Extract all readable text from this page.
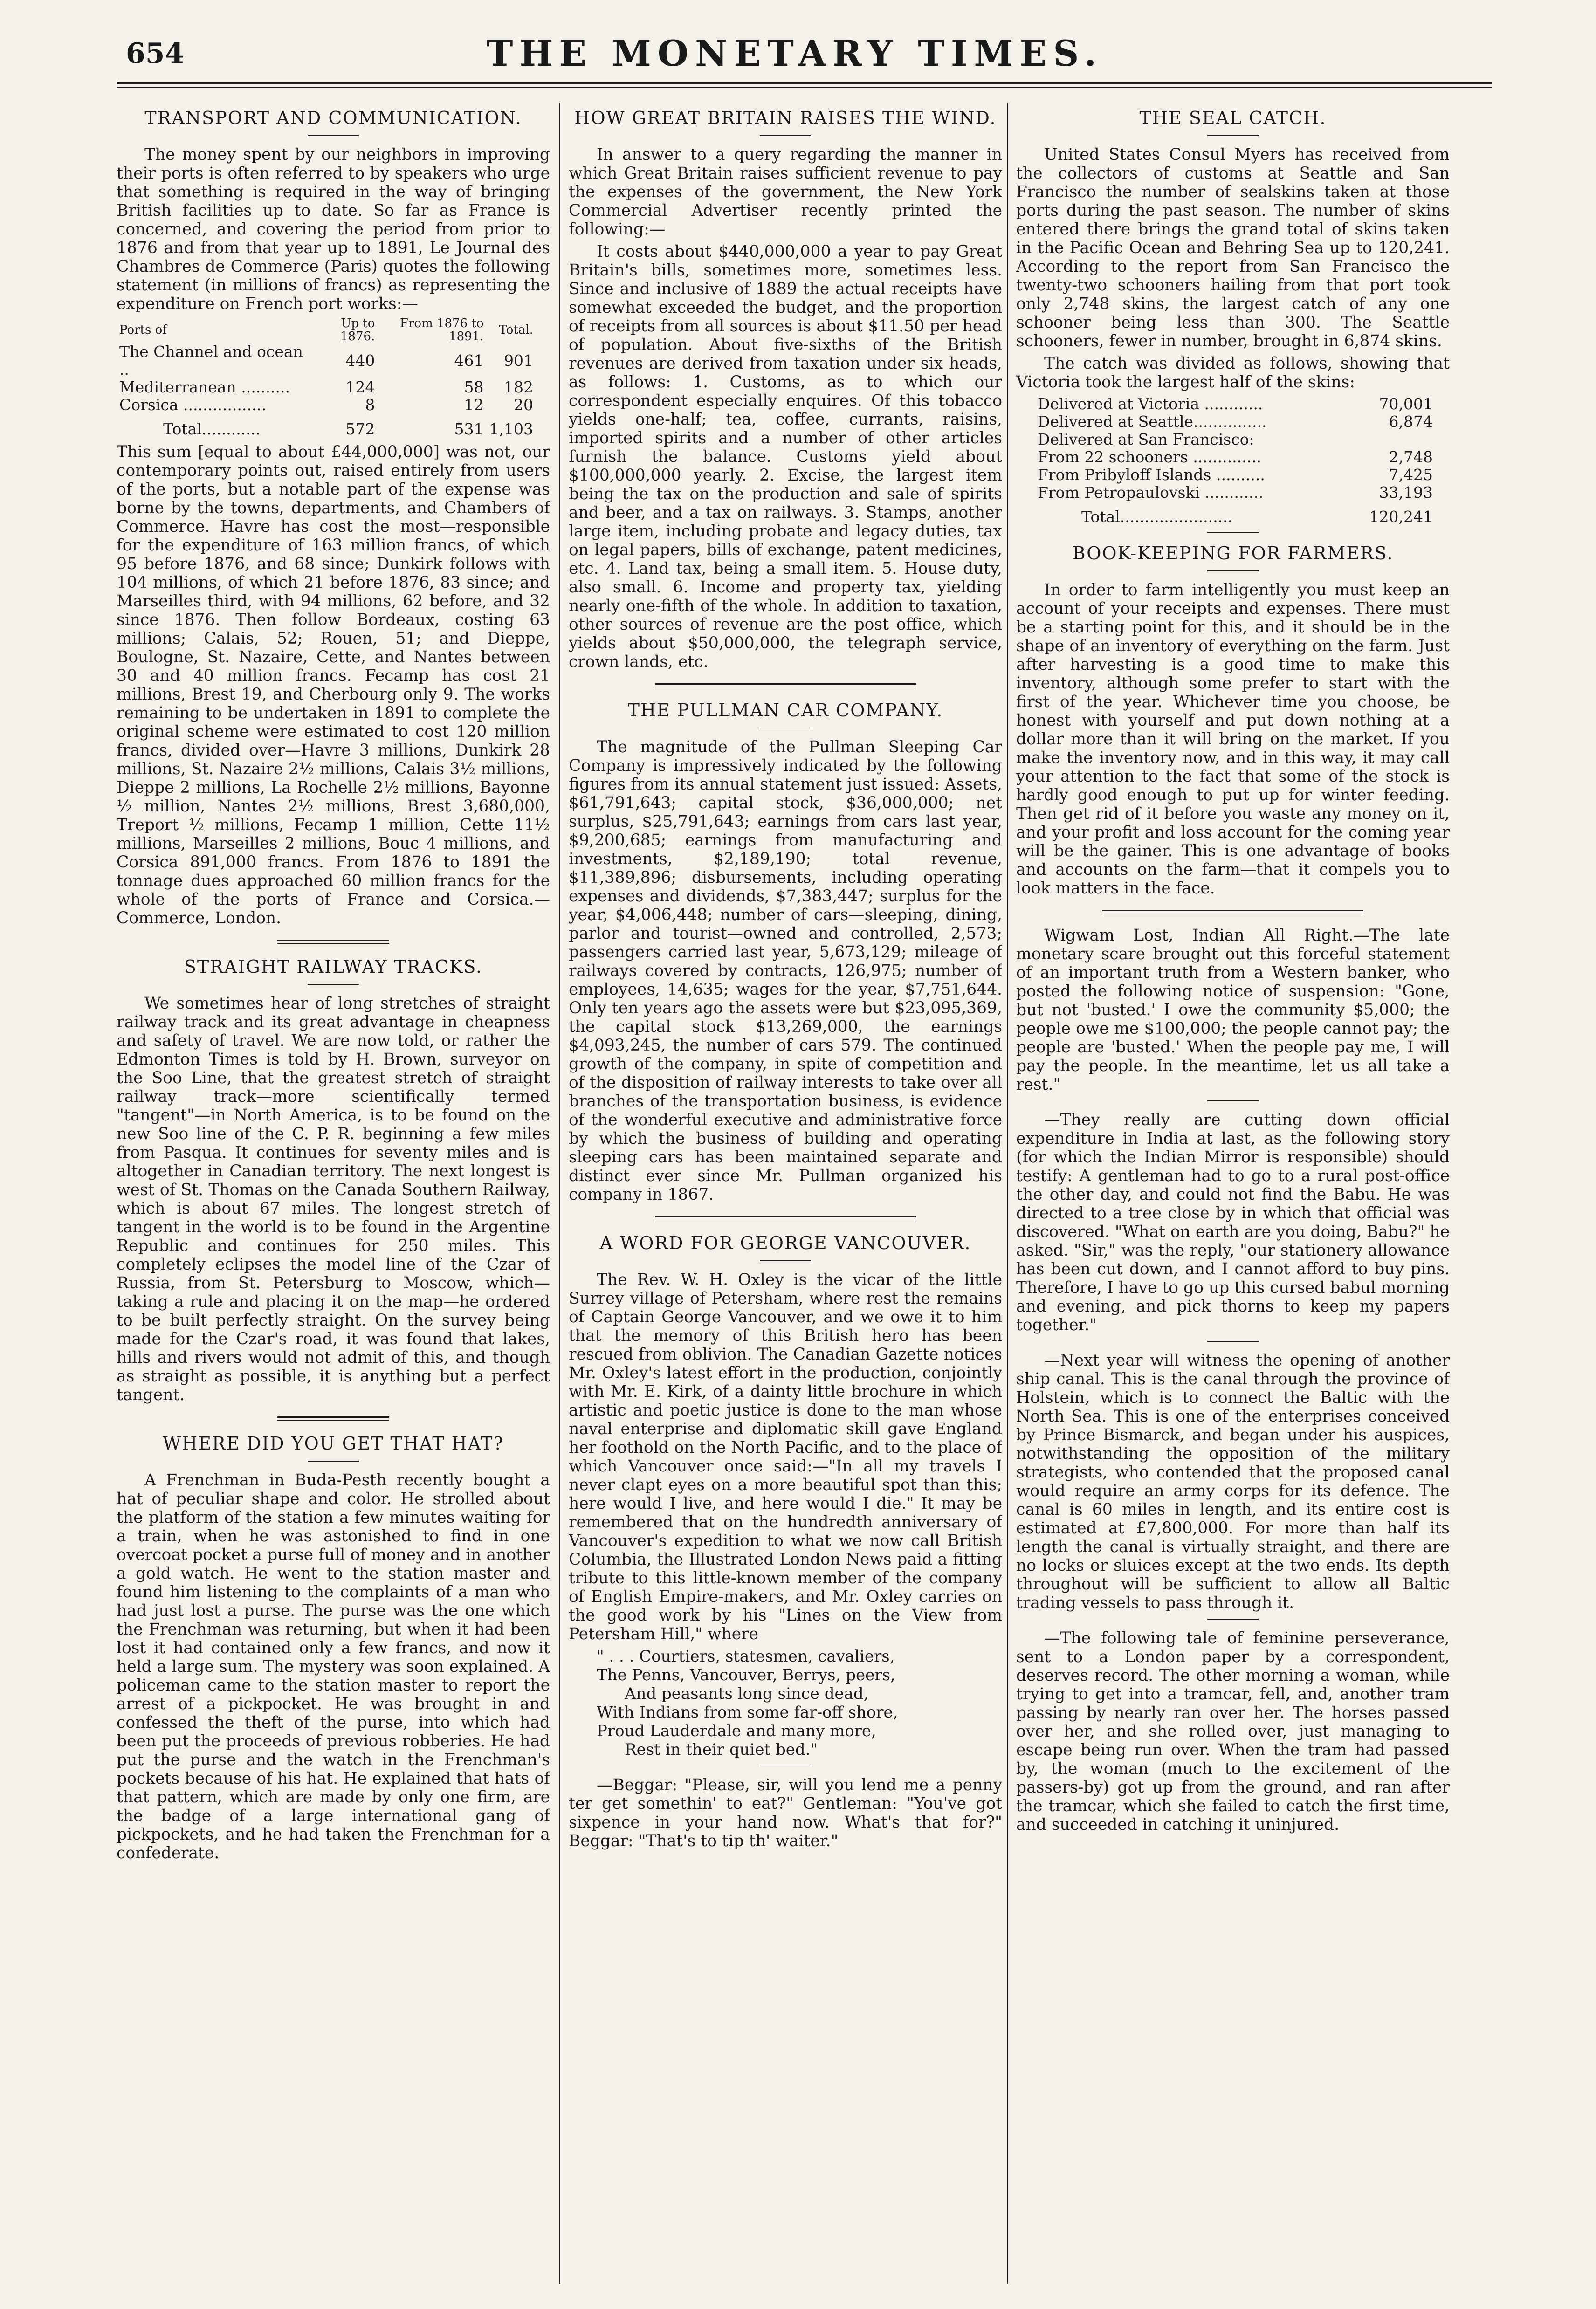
654	THE MONETARY TIMES.
TRANSPORT AND COMMUNICATION.

The money spent by our neighbors in improving their ports is often referred to by speakers who urge that something is required in the way of bringing British facilities up to date. So far as France is concerned, and covering the period from prior to 1876 and from that year up to 1891, Le Journal des Chambres de Commerce (Paris) quotes the following statement (in millions of francs) as representing the expenditure on French port works:—

Ports of	Up to 1876.	From 1876 to 1891.	Total.
The Channel and ocean ..	440	461	901
Mediterranean ..........	124	58	182
Corsica .................	8	12	20
Total............	572	531	1,103

This sum [equal to about £44,000,000] was not, our contemporary points out, raised entirely from users of the ports, but a notable part of the expense was borne by the towns, departments, and Chambers of Commerce. Havre has cost the most—responsible for the expenditure of 163 million francs, of which 95 before 1876, and 68 since; Dunkirk follows with 104 millions, of which 21 before 1876, 83 since; and Marseilles third, with 94 millions, 62 before, and 32 since 1876. Then follow Bordeaux, costing 63 millions; Calais, 52; Rouen, 51; and Dieppe, Boulogne, St. Nazaire, Cette, and Nantes between 30 and 40 million francs. Fecamp has cost 21 millions, Brest 19, and Cherbourg only 9. The works remaining to be undertaken in 1891 to complete the original scheme were estimated to cost 120 million francs, divided over—Havre 3 millions, Dunkirk 28 millions, St. Nazaire 2½ millions, Calais 3½ millions, Dieppe 2 millions, La Rochelle 2½ millions, Bayonne ½ million, Nantes 2½ millions, Brest 3,680,000, Treport ½ millions, Fecamp 1 million, Cette 11½ millions, Marseilles 2 millions, Bouc 4 millions, and Corsica 891,000 francs. From 1876 to 1891 the tonnage dues approached 60 million francs for the whole of the ports of France and Corsica.—Commerce, London.

STRAIGHT RAILWAY TRACKS.

We sometimes hear of long stretches of straight railway track and its great advantage in cheapness and safety of travel. We are now told, or rather the Edmonton Times is told by H. Brown, surveyor on the Soo Line, that the greatest stretch of straight railway track—more scientifically termed "tangent"—in North America, is to be found on the new Soo line of the C. P. R. beginning a few miles from Pasqua. It continues for seventy miles and is altogether in Canadian territory. The next longest is west of St. Thomas on the Canada Southern Railway, which is about 67 miles. The longest stretch of tangent in the world is to be found in the Argentine Republic and continues for 250 miles. This completely eclipses the model line of the Czar of Russia, from St. Petersburg to Moscow, which—taking a rule and placing it on the map—he ordered to be built perfectly straight. On the survey being made for the Czar's road, it was found that lakes, hills and rivers would not admit of this, and though as straight as possible, it is anything but a perfect tangent.

WHERE DID YOU GET THAT HAT?

A Frenchman in Buda-Pesth recently bought a hat of peculiar shape and color. He strolled about the platform of the station a few minutes waiting for a train, when he was astonished to find in one overcoat pocket a purse full of money and in another a gold watch. He went to the station master and found him listening to the complaints of a man who had just lost a purse. The purse was the one which the Frenchman was returning, but when it had been lost it had contained only a few francs, and now it held a large sum. The mystery was soon explained. A policeman came to the station master to report the arrest of a pickpocket. He was brought in and confessed the theft of the purse, into which had been put the proceeds of previous robberies. He had put the purse and the watch in the Frenchman's pockets because of his hat. He explained that hats of that pattern, which are made by only one firm, are the badge of a large international gang of pickpockets, and he had taken the Frenchman for a confederate.

HOW GREAT BRITAIN RAISES THE WIND.

In answer to a query regarding the manner in which Great Britain raises sufficient revenue to pay the expenses of the government, the New York Commercial Advertiser recently printed the following:—

It costs about $440,000,000 a year to pay Great Britain's bills, sometimes more, sometimes less. Since and inclusive of 1889 the actual receipts have somewhat exceeded the budget, and the proportion of receipts from all sources is about $11.50 per head of population. About five-sixths of the British revenues are derived from taxation under six heads, as follows: 1. Customs, as to which our correspondent especially enquires. Of this tobacco yields one-half; tea, coffee, currants, raisins, imported spirits and a number of other articles furnish the balance. Customs yield about $100,000,000 yearly. 2. Excise, the largest item being the tax on the production and sale of spirits and beer, and a tax on railways. 3. Stamps, another large item, including probate and legacy duties, tax on legal papers, bills of exchange, patent medicines, etc. 4. Land tax, being a small item. 5. House duty, also small. 6. Income and property tax, yielding nearly one-fifth of the whole. In addition to taxation, other sources of revenue are the post office, which yields about $50,000,000, the telegraph service, crown lands, etc.

THE PULLMAN CAR COMPANY.

The magnitude of the Pullman Sleeping Car Company is impressively indicated by the following figures from its annual statement just issued: Assets, $61,791,643; capital stock, $36,000,000; net surplus, $25,791,643; earnings from cars last year, $9,200,685; earnings from manufacturing and investments, $2,189,190; total revenue, $11,389,896; disbursements, including operating expenses and dividends, $7,383,447; surplus for the year, $4,006,448; number of cars—sleeping, dining, parlor and tourist—owned and controlled, 2,573; passengers carried last year, 5,673,129; mileage of railways covered by contracts, 126,975; number of employees, 14,635; wages for the year, $7,751,644. Only ten years ago the assets were but $23,095,369, the capital stock $13,269,000, the earnings $4,093,245, the number of cars 579. The continued growth of the company, in spite of competition and of the disposition of railway interests to take over all branches of the transportation business, is evidence of the wonderful executive and administrative force by which the business of building and operating sleeping cars has been maintained separate and distinct ever since Mr. Pullman organized his company in 1867.

A WORD FOR GEORGE VANCOUVER.

The Rev. W. H. Oxley is the vicar of the little Surrey village of Petersham, where rest the remains of Captain George Vancouver, and we owe it to him that the memory of this British hero has been rescued from oblivion. The Canadian Gazette notices Mr. Oxley's latest effort in the production, conjointly with Mr. E. Kirk, of a dainty little brochure in which artistic and poetic justice is done to the man whose naval enterprise and diplomatic skill gave England her foothold on the North Pacific, and to the place of which Vancouver once said:—"In all my travels I never clapt eyes on a more beautiful spot than this; here would I live, and here would I die." It may be remembered that on the hundredth anniversary of Vancouver's expedition to what we now call British Columbia, the Illustrated London News paid a fitting tribute to this little-known member of the company of English Empire-makers, and Mr. Oxley carries on the good work by his "Lines on the View from Petersham Hill," where

" . . . Courtiers, statesmen, cavaliers,
The Penns, Vancouver, Berrys, peers,
And peasants long since dead,
With Indians from some far-off shore,
Proud Lauderdale and many more,
Rest in their quiet bed."

—Beggar: "Please, sir, will you lend me a penny ter get somethin' to eat?" Gentleman: "You've got sixpence in your hand now. What's that for?" Beggar: "That's to tip th' waiter."

THE SEAL CATCH.

United States Consul Myers has received from the collectors of customs at Seattle and San Francisco the number of sealskins taken at those ports during the past season. The number of skins entered there brings the grand total of skins taken in the Pacific Ocean and Behring Sea up to 120,241. According to the report from San Francisco the twenty-two schooners hailing from that port took only 2,748 skins, the largest catch of any one schooner being less than 300. The Seattle schooners, fewer in number, brought in 6,874 skins.

The catch was divided as follows, showing that Victoria took the largest half of the skins:

Delivered at Victoria ............	70,001
Delivered at Seattle...............	6,874
Delivered at San Francisco:	
From 22 schooners ..............	2,748
From Pribyloff Islands ..........	7,425
From Petropaulovski ............	33,193
Total.......................	120,241
BOOK-KEEPING FOR FARMERS.

In order to farm intelligently you must keep an account of your receipts and expenses. There must be a starting point for this, and it should be in the shape of an inventory of everything on the farm. Just after harvesting is a good time to make this inventory, although some prefer to start with the first of the year. Whichever time you choose, be honest with yourself and put down nothing at a dollar more than it will bring on the market. If you make the inventory now, and in this way, it may call your attention to the fact that some of the stock is hardly good enough to put up for winter feeding. Then get rid of it before you waste any money on it, and your profit and loss account for the coming year will be the gainer. This is one advantage of books and accounts on the farm—that it compels you to look matters in the face.

Wigwam Lost, Indian All Right.—The late monetary scare brought out this forceful statement of an important truth from a Western banker, who posted the following notice of suspension: "Gone, but not 'busted.' I owe the community $5,000; the people owe me $100,000; the people cannot pay; the people are 'busted.' When the people pay me, I will pay the people. In the meantime, let us all take a rest."

—They really are cutting down official expenditure in India at last, as the following story (for which the Indian Mirror is responsible) should testify: A gentleman had to go to a rural post-office the other day, and could not find the Babu. He was directed to a tree close by in which that official was discovered. "What on earth are you doing, Babu?" he asked. "Sir," was the reply, "our stationery allowance has been cut down, and I cannot afford to buy pins. Therefore, I have to go up this cursed babul morning and evening, and pick thorns to keep my papers together."

—Next year will witness the opening of another ship canal. This is the canal through the province of Holstein, which is to connect the Baltic with the North Sea. This is one of the enterprises conceived by Prince Bismarck, and began under his auspices, notwithstanding the opposition of the military strategists, who contended that the proposed canal would require an army corps for its defence. The canal is 60 miles in length, and its entire cost is estimated at £7,800,000. For more than half its length the canal is virtually straight, and there are no locks or sluices except at the two ends. Its depth throughout will be sufficient to allow all Baltic trading vessels to pass through it.

—The following tale of feminine perseverance, sent to a London paper by a correspondent, deserves record. The other morning a woman, while trying to get into a tramcar, fell, and, another tram passing by nearly ran over her. The horses passed over her, and she rolled over, just managing to escape being run over. When the tram had passed by, the woman (much to the excitement of the passers-by) got up from the ground, and ran after the tramcar, which she failed to catch the first time, and succeeded in catching it uninjured.
